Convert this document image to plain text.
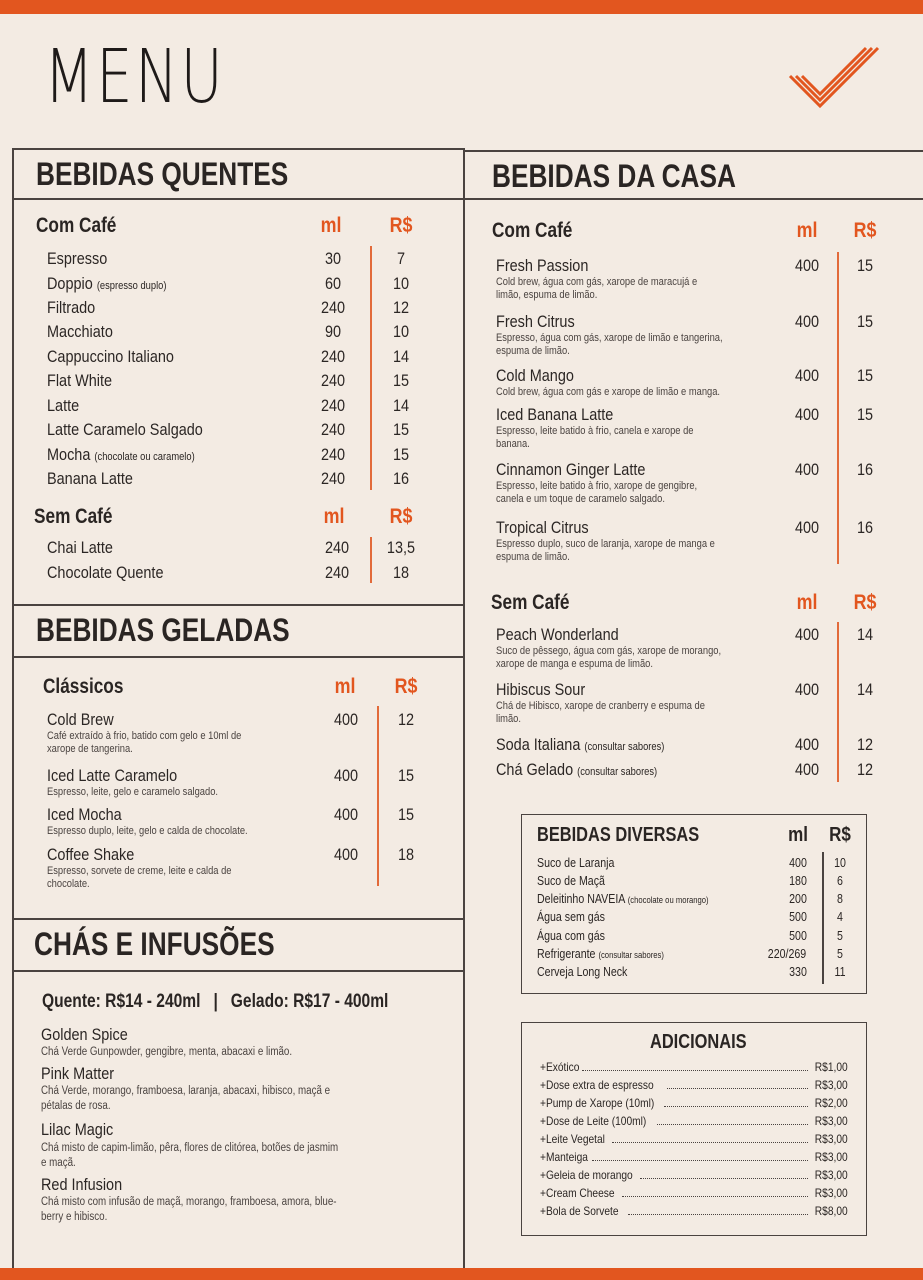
MENU
BEBIDAS QUENTES
Com Café	ml	R$
Espresso	30	7
Doppio (espresso duplo)	60	10
Filtrado	240	12
Macchiato	90	10
Cappuccino Italiano	240	14
Flat White	240	15
Latte	240	14
Latte Caramelo Salgado	240	15
Mocha (chocolate ou caramelo)	240	15
Banana Latte	240	16
Sem Café	ml	R$
Chai Latte	240	13,5
Chocolate Quente	240	18
BEBIDAS GELADAS
Clássicos	ml	R$
Cold Brew
Café extraído à frio, batido com gelo e 10ml de
xarope de tangerina.
400	12
Iced Latte Caramelo
Espresso, leite, gelo e caramelo salgado.
400	15
Iced Mocha
Espresso duplo, leite, gelo e calda de chocolate.
400	15
Coffee Shake
Espresso, sorvete de creme, leite e calda de
chocolate.
400	18
CHÁS E INFUSÕES
Quente: R$14 - 240ml   |   Gelado: R$17 - 400ml
Golden Spice
Chá Verde Gunpowder, gengibre, menta, abacaxi e limão.
Pink Matter
Chá Verde, morango, framboesa, laranja, abacaxi, hibisco, maçã e
pétalas de rosa.
Lilac Magic
Chá misto de capim-limão, pêra, flores de clitórea, botões de jasmim
e maçã.
Red Infusion
Chá misto com infusão de maçã, morango, framboesa, amora, blue-
berry e hibisco.
BEBIDAS DA CASA
Com Café	ml	R$
Fresh Passion
Cold brew, água com gás, xarope de maracujá e
limão, espuma de limão.
400	15
Fresh Citrus
Espresso, água com gás, xarope de limão e tangerina,
espuma de limão.
400	15
Cold Mango
Cold brew, água com gás e xarope de limão e manga.
400	15
Iced Banana Latte
Espresso, leite batido à frio, canela e xarope de
banana.
400	15
Cinnamon Ginger Latte
Espresso, leite batido à frio, xarope de gengibre,
canela e um toque de caramelo salgado.
400	16
Tropical Citrus
Espresso duplo, suco de laranja, xarope de manga e
espuma de limão.
400	16
Sem Café	ml	R$
Peach Wonderland
Suco de pêssego, água com gás, xarope de morango,
xarope de manga e espuma de limão.
400	14
Hibiscus Sour
Chá de Hibisco, xarope de cranberry e espuma de
limão.
400	14
Soda Italiana (consultar sabores)	400	12
Chá Gelado (consultar sabores)	400	12
BEBIDAS DIVERSAS	ml	R$
Suco de Laranja	400	10
Suco de Maçã	180	6
Deleitinho NAVEIA (chocolate ou morango)	200	8
Água sem gás	500	4
Água com gás	500	5
Refrigerante (consultar sabores)	220/269	5
Cerveja Long Neck	330	11
ADICIONAIS
+Exótico	R$1,00
+Dose extra de espresso	R$3,00
+Pump de Xarope (10ml)	R$2,00
+Dose de Leite (100ml)	R$3,00
+Leite Vegetal	R$3,00
+Manteiga	R$3,00
+Geleia de morango	R$3,00
+Cream Cheese	R$3,00
+Bola de Sorvete	R$8,00
